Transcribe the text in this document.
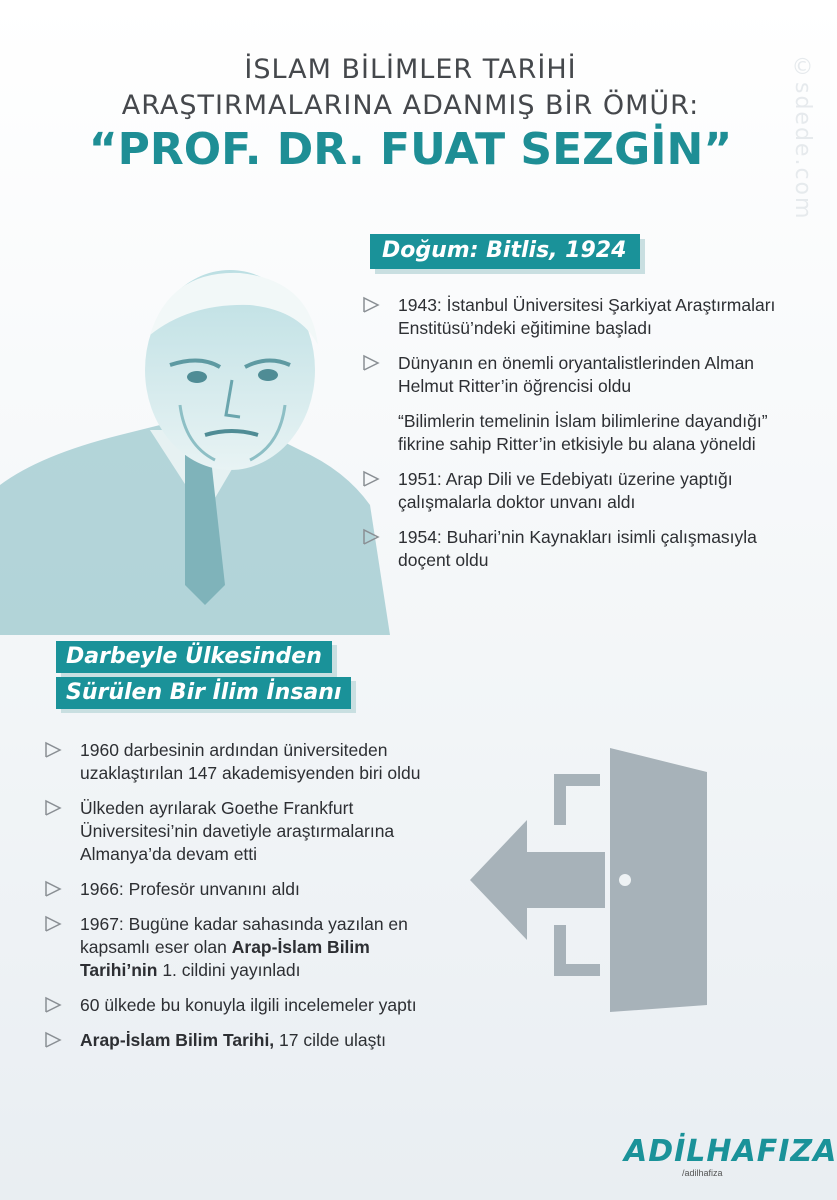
©sdede.com
İSLAM BİLİMLER TARİHİ
ARAŞTIRMALARINA ADANMIŞ BİR ÖMÜR:
“PROF. DR. FUAT SEZGİN”
Doğum: Bitlis, 1924
1943: İstanbul Üniversitesi Şarkiyat Araştırmaları Enstitüsü’ndeki eğitimine başladı
Dünyanın en önemli oryantalistlerinden Alman Helmut Ritter’in öğrencisi oldu
“Bilimlerin temelinin İslam bilimlerine dayandığı” fikrine sahip Ritter’in etkisiyle bu alana yöneldi
1951: Arap Dili ve Edebiyatı üzerine yaptığı çalışmalarla doktor unvanı aldı
1954: Buhari’nin Kaynakları isimli çalışmasıyla doçent oldu
Darbeyle Ülkesinden
Sürülen Bir İlim İnsanı
1960 darbesinin ardından üniversiteden uzaklaştırılan 147 akademisyenden biri oldu
Ülkeden ayrılarak Goethe Frankfurt Üniversitesi’nin davetiyle araştırmalarına Almanya’da devam etti
1966: Profesör unvanını aldı
1967: Bugüne kadar sahasında yazılan en kapsamlı eser olan Arap-İslam Bilim Tarihi’nin 1. cildini yayınladı
60 ülkede bu konuyla ilgili incelemeler yaptı
Arap-İslam Bilim Tarihi, 17 cilde ulaştı
ADİLHAFIZA
/adilhafiza
